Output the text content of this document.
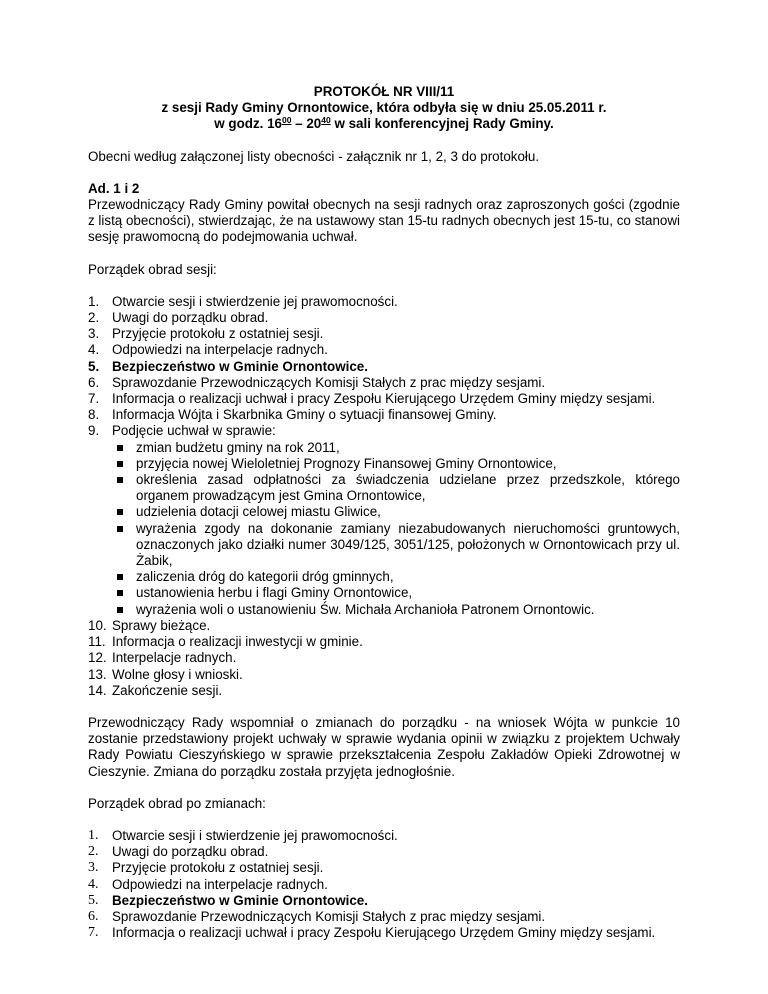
PROTOKÓŁ NR VIII/11
z sesji Rady Gminy Ornontowice, która odbyła się w dniu 25.05.2011 r.
w godz. $16^{00} - 20^{40}$ w sali konferencyjnej Rady Gminy.

Obecni według załączonej listy obecności - załącznik nr 1, 2, 3 do protokołu.

Ad. 1 i 2

Przewodniczący Rady Gminy powitał obecnych na sesji radnych oraz zaproszonych gości (zgodnie z listą obecności), stwierdzając, że na ustawowy stan 15-tu radnych obecnych jest 15-tu, co stanowi sesję prawomocną do podejmowania uchwał.

Porządek obrad sesji:

1. Otwarcie sesji i stwierdzenie jej prawomocności.
2. Uwagi do porządku obrad.
3. Przyjęcie protokołu z ostatniej sesji.
4. Odpowiedzi na interpelacje radnych.
5. Bezpieczeństwo w Gminie Ornontowice.
6. Sprawozdanie Przewodniczących Komisji Stałych z prac między sesjami.
7. Informacja o realizacji uchwał i pracy Zespołu Kierującego Urzędem Gminy między sesjami.
8. Informacja Wójta i Skarbnika Gminy o sytuacji finansowej Gminy.
9. Podjęcie uchwał w sprawie:
zmian budżetu gminy na rok 2011,
przyjęcia nowej Wieloletniej Prognozy Finansowej Gminy Ornontowice,
określenia zasad odpłatności za świadczenia udzielane przez przedszkole, którego organem prowadzącym jest Gmina Ornontowice,
udzielenia dotacji celowej miastu Gliwice,
wyrażenia zgody na dokonanie zamiany niezabudowanych nieruchomości gruntowych, oznaczonych jako działki numer 3049/125, 3051/125, położonych w Ornontowicach przy ul. Żabik,
zaliczenia dróg do kategorii dróg gminnych,
ustanowienia herbu i flagi Gminy Ornontowice,
wyrażenia woli o ustanowieniu Św. Michała Archanioła Patronem Ornontowic.
10. Sprawy bieżące.
11. Informacja o realizacji inwestycji w gminie.
12. Interpelacje radnych.
13. Wolne głosy i wnioski.
14. Zakończenie sesji.

Przewodniczący Rady wspomniał o zmianach do porządku - na wniosek Wójta w punkcie 10 zostanie przedstawiony projekt uchwały w sprawie wydania opinii w związku z projektem Uchwały Rady Powiatu Cieszyńskiego w sprawie przekształcenia Zespołu Zakładów Opieki Zdrowotnej w Cieszynie. Zmiana do porządku została przyjęta jednogłośnie.

Porządek obrad po zmianach:

1. Otwarcie sesji i stwierdzenie jej prawomocności.
2. Uwagi do porządku obrad.
3. Przyjęcie protokołu z ostatniej sesji.
4. Odpowiedzi na interpelacje radnych.
5. Bezpieczeństwo w Gminie Ornontowice.
6. Sprawozdanie Przewodniczących Komisji Stałych z prac między sesjami.
7. Informacja o realizacji uchwał i pracy Zespołu Kierującego Urzędem Gminy między sesjami.
